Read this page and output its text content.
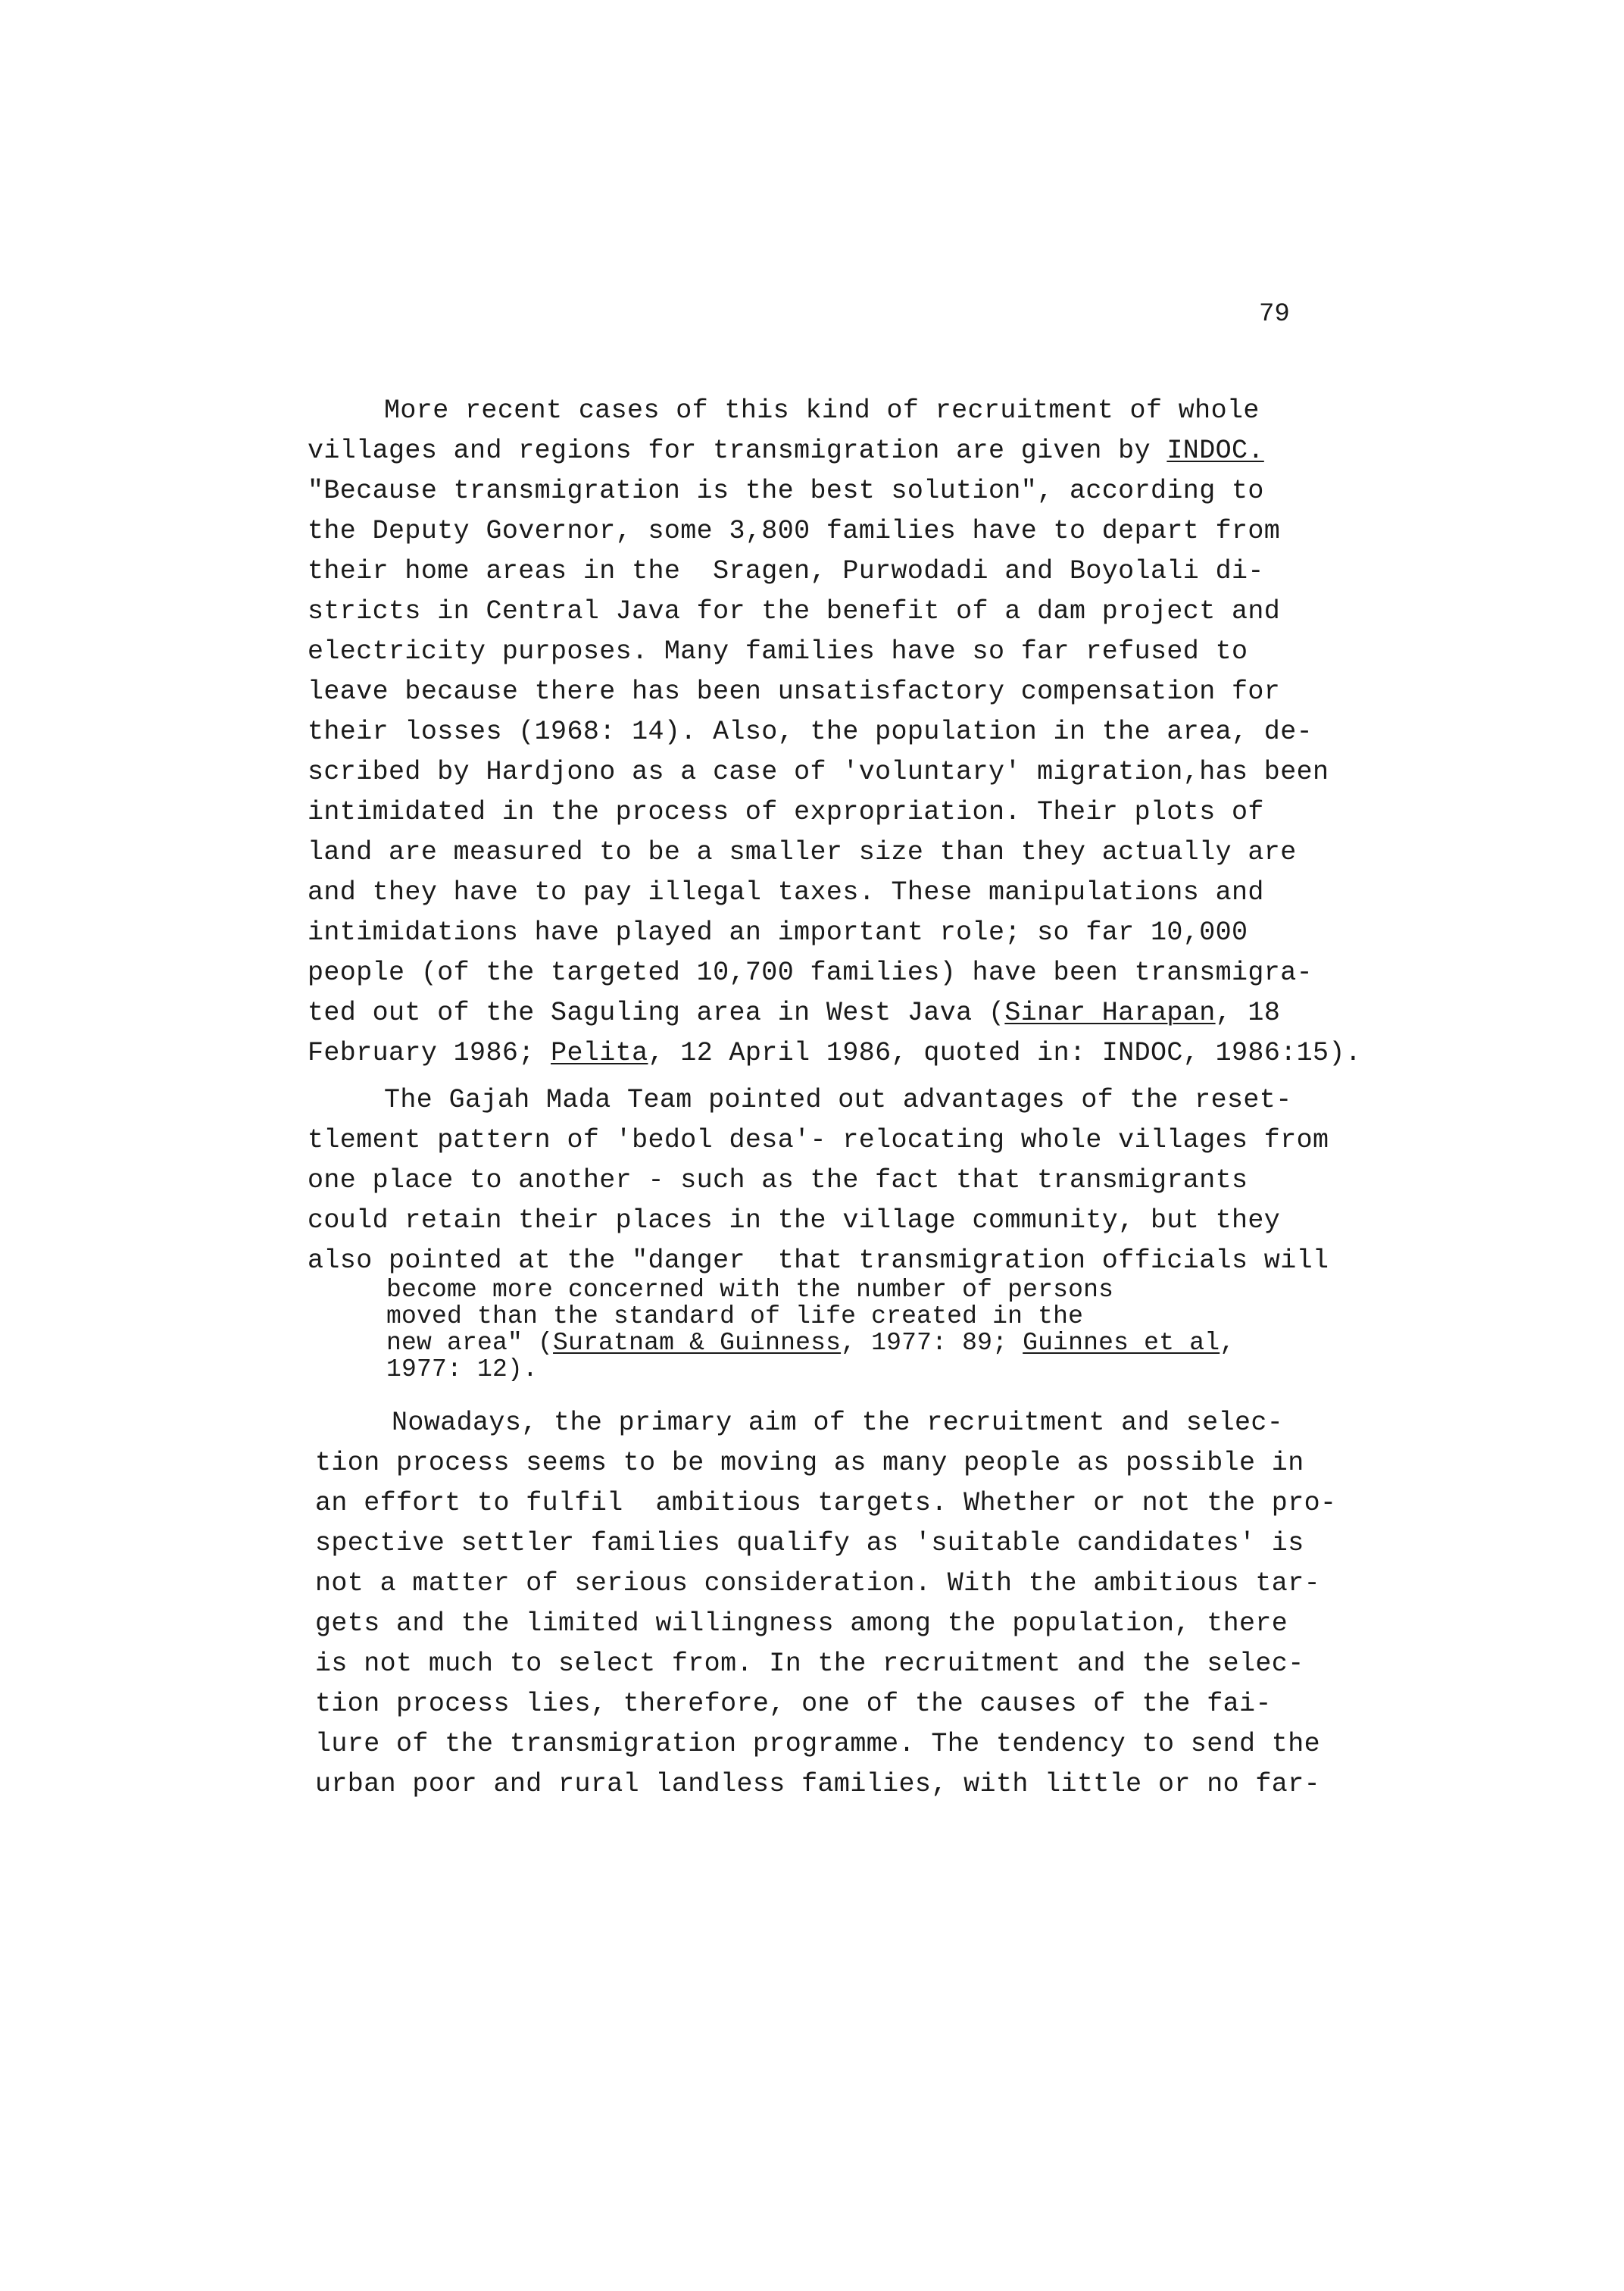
79
More recent cases of this kind of recruitment of whole
villages and regions for transmigration are given by INDOC.
"Because transmigration is the best solution", according to
the Deputy Governor, some 3,800 families have to depart from
their home areas in the  Sragen, Purwodadi and Boyolali di-
stricts in Central Java for the benefit of a dam project and
electricity purposes. Many families have so far refused to
leave because there has been unsatisfactory compensation for
their losses (1968: 14). Also, the population in the area, de-
scribed by Hardjono as a case of 'voluntary' migration,has been
intimidated in the process of expropriation. Their plots of
land are measured to be a smaller size than they actually are
and they have to pay illegal taxes. These manipulations and
intimidations have played an important role; so far 10,000
people (of the targeted 10,700 families) have been transmigra-
ted out of the Saguling area in West Java (Sinar Harapan, 18
February 1986; Pelita, 12 April 1986, quoted in: INDOC, 1986:15).
The Gajah Mada Team pointed out advantages of the reset-
tlement pattern of 'bedol desa'- relocating whole villages from
one place to another - such as the fact that transmigrants
could retain their places in the village community, but they
also pointed at the "danger  that transmigration officials will
become more concerned with the number of persons
moved than the standard of life created in the
new area" (Suratnam & Guinness, 1977: 89; Guinnes et al,
1977: 12).
Nowadays, the primary aim of the recruitment and selec-
tion process seems to be moving as many people as possible in
an effort to fulfil  ambitious targets. Whether or not the pro-
spective settler families qualify as 'suitable candidates' is
not a matter of serious consideration. With the ambitious tar-
gets and the limited willingness among the population, there
is not much to select from. In the recruitment and the selec-
tion process lies, therefore, one of the causes of the fai-
lure of the transmigration programme. The tendency to send the
urban poor and rural landless families, with little or no far-
